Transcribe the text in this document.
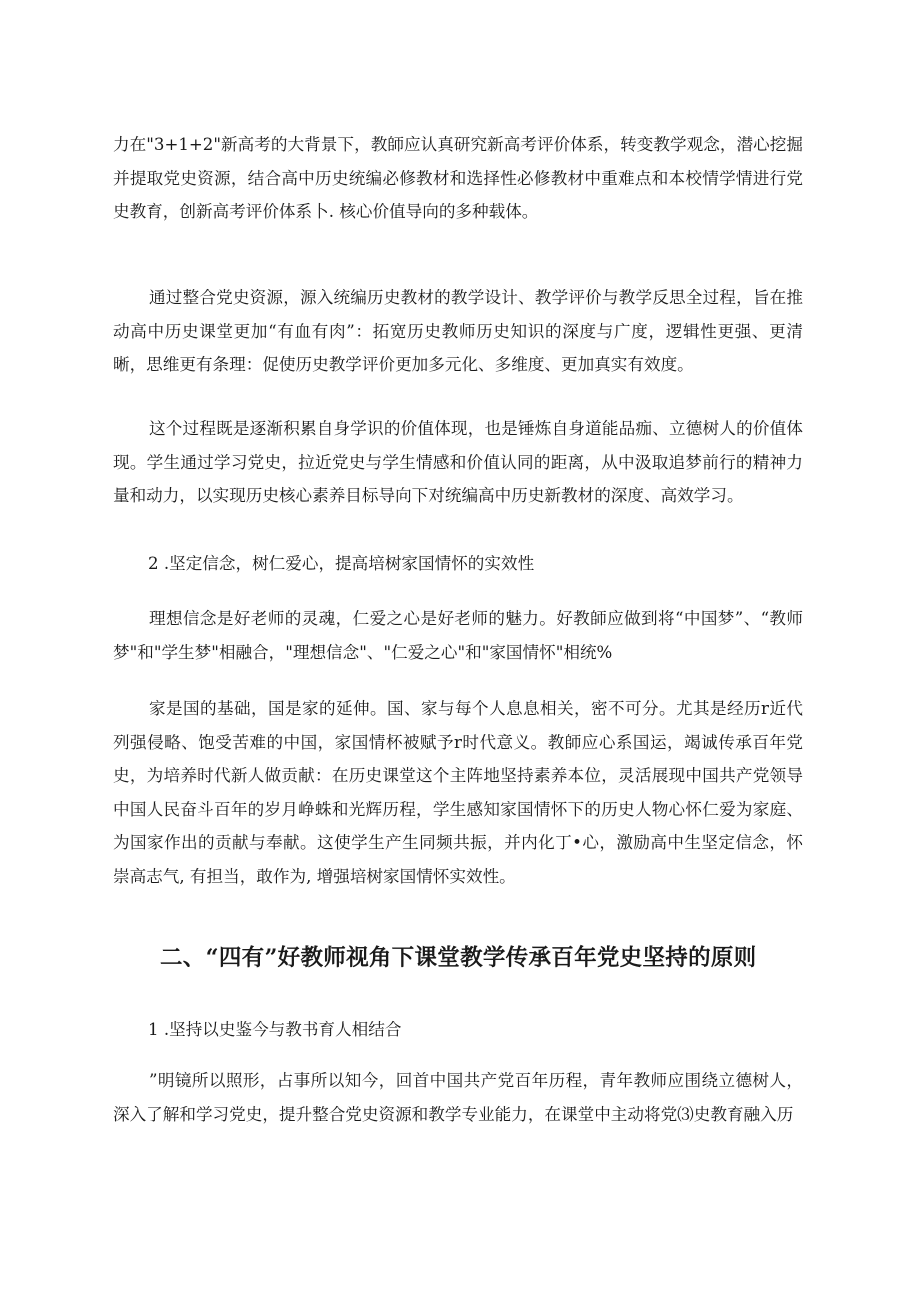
力在"3+1+2"新高考的大背景下，教師应认真研究新高考评价体系，转变教学观念，潜心挖掘并提取党史资源，结合高中历史统编必修教材和选择性必修教材中重难点和本校情学情进行党史教育，创新高考评价体系卜. 核心价值导向的多种载体。

通过整合党史资源，源入统编历史教材的教学设计、教学评价与教学反思全过程，旨在推动高中历史课堂更加“有血有肉”：拓宽历史教师历史知识的深度与广度，逻辑性更强、更清晰，思维更有条理：促使历史教学评价更加多元化、多维度、更加真实有效度。

这个过程既是逐渐积累自身学识的价值体现，也是锤炼自身道能品痂、立德树人的价值体现。学生通过学习党史，拉近党史与学生情感和价值认同的距离，从中汲取追梦前行的精神力量和动力，以实现历史核心素养目标导向下对统编高中历史新教材的深度、高效学习。

2 .坚定信念，树仁爱心，提高培树家国情怀的实效性

理想信念是好老师的灵魂，仁爱之心是好老师的魅力。好教師应做到将“中国梦”、“教师梦"和"学生梦"相融合，"理想信念"、"仁爱之心"和"家国情怀"相统%

家是国的基础，国是家的延伸。国、家与每个人息息相关，密不可分。尤其是经历r近代列强侵略、饱受苦难的中国，家国情杯被赋予r时代意义。教師应心系国运，竭诚传承百年党史，为培养时代新人做贡献：在历史课堂这个主阵地坚持素养本位，灵活展现中国共产党领导中国人民奋斗百年的岁月峥蛛和光辉历程，学生感知家国情怀下的历史人物心怀仁爱为家庭、为国家作出的贡献与奉献。这使学生产生同频共振，并内化丁•心，激励高中生坚定信念，怀崇高志气, 有担当，敢作为, 增强培树家国情怀实效性。

二、“四有”好教师视角下课堂教学传承百年党史坚持的原则

1 .坚持以史鉴今与教书育人相结合

”明镜所以照形，占事所以知今，回首中国共产党百年历程，青年教师应围绕立德树人，深入了解和学习党史，提升整合党史资源和教学专业能力，在课堂中主动将党⑶史教育融入历
